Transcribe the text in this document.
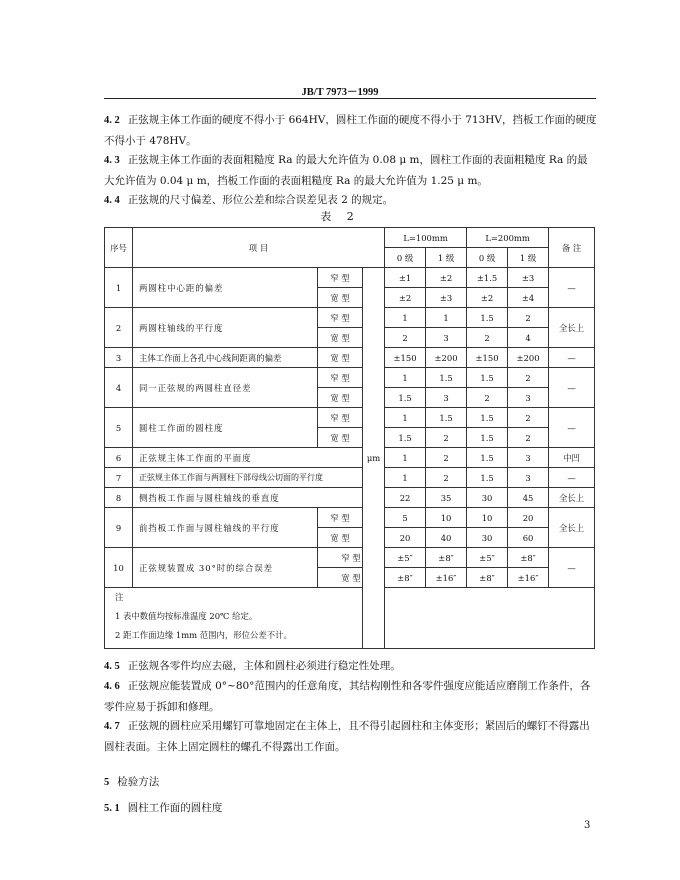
JB/T 7973－1999
4. 2 正弦规主体工作面的硬度不得小于 664HV，圆柱工作面的硬度不得小于 713HV，挡板工作面的硬度不得小于 478HV。
4. 3 正弦规主体工作面的表面粗糙度 Ra 的最大允许值为 0.08 μ m，圆柱工作面的表面粗糙度 Ra 的最大允许值为 0.04 μ m，挡板工作面的表面粗糙度 Ra 的最大允许值为 1.25 μ m。
4. 4 正弦规的尺寸偏差、形位公差和综合误差见表 2 的规定。
表 2
序号	项 目			L=100mm		L=200mm		备 注
				0 级	1 级	0 级	1 级	
1	两圆柱中心距的偏差	窄 型	μm	±1	±2	±1.5	±3	—
		宽 型		±2	±3	±2	±4	
2	两圆柱轴线的平行度	窄 型		1	1	1.5	2	全长上
		宽 型		2	3	2	4	
3	主体工作面上各孔中心线间距离的偏差	宽 型		±150	±200	±150	±200	—
4	同一正弦规的两圆柱直径差	窄 型		1	1.5	1.5	2	—
		宽 型		1.5	3	2	3	
5	圆柱工作面的圆柱度	窄 型		1	1.5	1.5	2	—
		宽 型		1.5	2	1.5	2	
6	正弦规主体工作面的平面度			1	2	1.5	3	中凹
7	正弦规主体工作面与两圆柱下部母线公切面的平行度			1	2	1.5	3	—
8	侧挡板工作面与圆柱轴线的垂直度			22	35	30	45	全长上
9	前挡板工作面与圆柱轴线的平行度	窄 型		5	10	10	20	全长上
		宽 型		20	40	30	60	
10	正弦规装置成 30°时的综合误差	窄 型		±5″	±8″	±5″	±8″	—
		宽 型		±8″	±16″	±8″	±16″	

注
1 表中数值均按标准温度 20℃ 给定。
2 距工作面边缘 1mm 范围内，形位公差不计。								
4. 5 正弦规各零件均应去磁，主体和圆柱必须进行稳定性处理。
4. 6 正弦规应能装置成 0°~80°范围内的任意角度，其结构刚性和各零件强度应能适应磨削工作条件，各零件应易于拆卸和修理。
4. 7 正弦规的圆柱应采用螺钉可靠地固定在主体上，且不得引起圆柱和主体变形；紧固后的螺钉不得露出圆柱表面。主体上固定圆柱的螺孔不得露出工作面。
5 检验方法
5. 1 圆柱工作面的圆柱度
3
